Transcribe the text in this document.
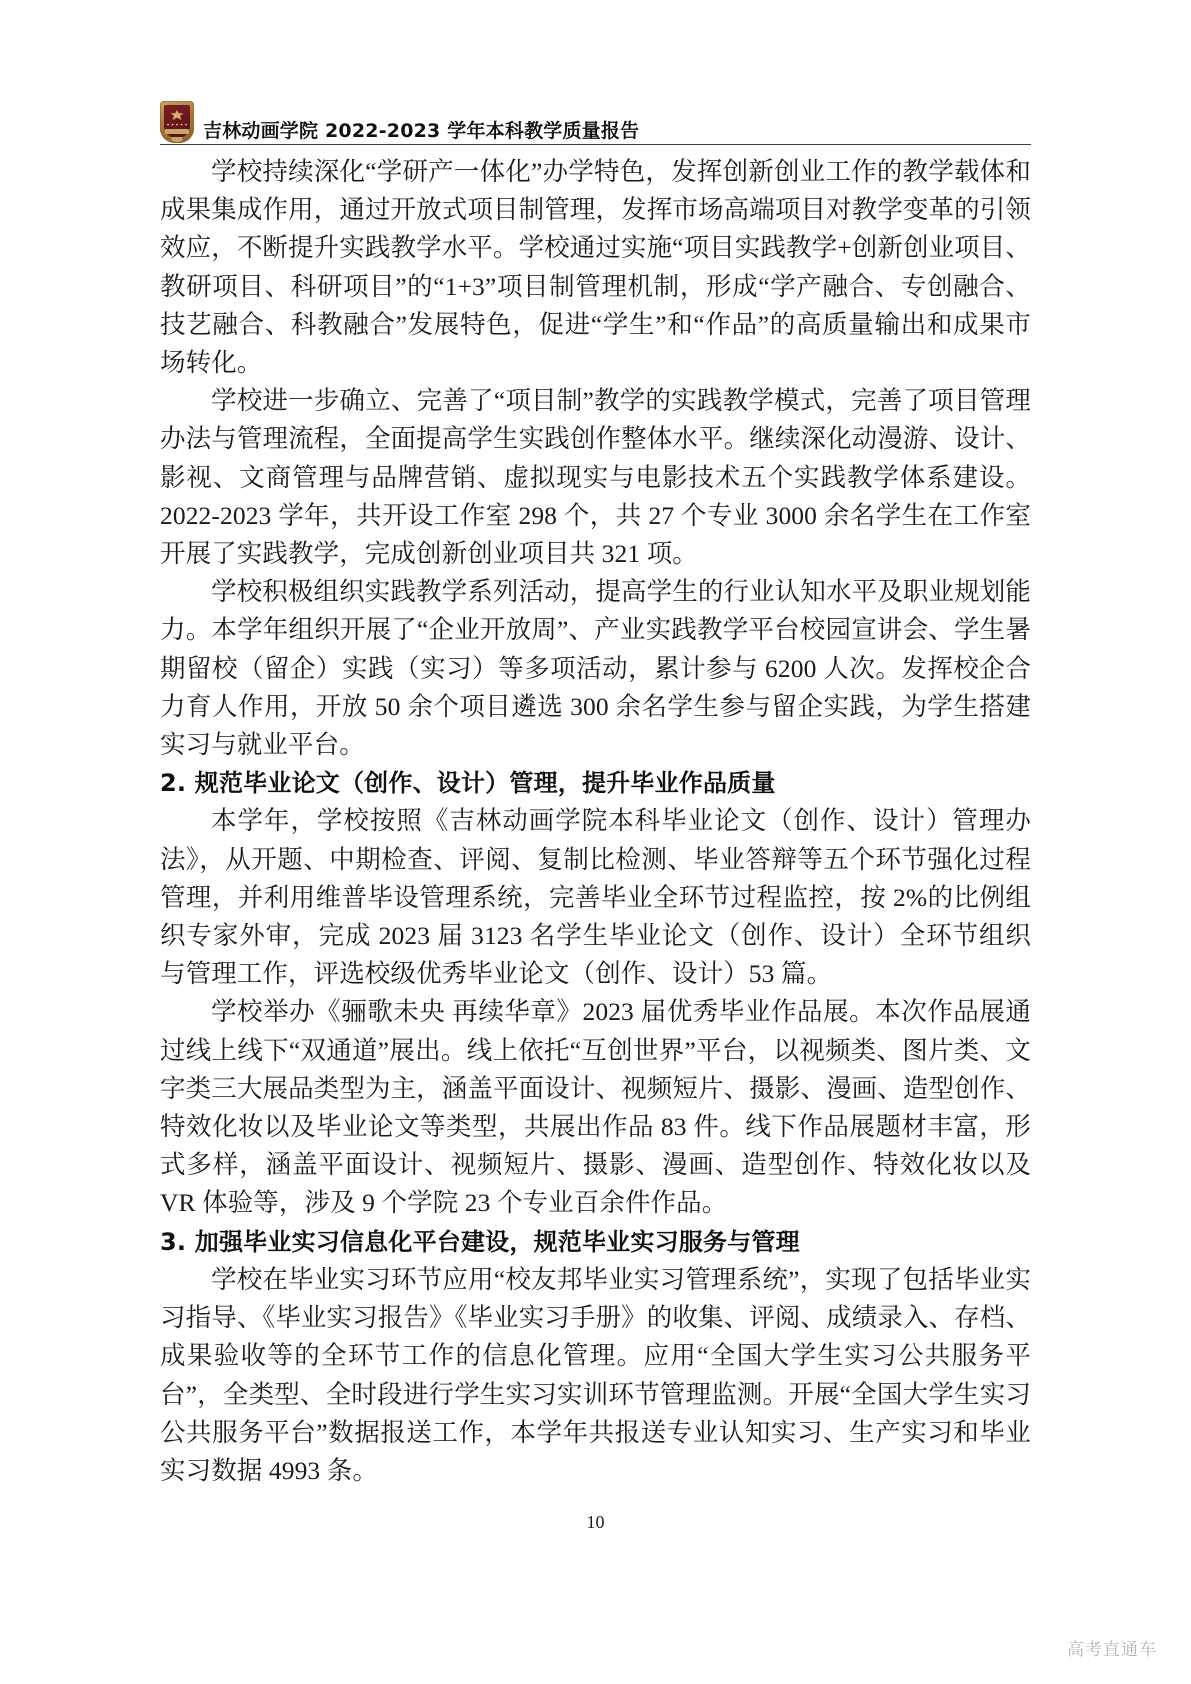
吉林动画学院 2022-2023 学年本科教学质量报告

学校持续深化“学研产一体化”办学特色，发挥创新创业工作的教学载体和成果集成作用，通过开放式项目制管理，发挥市场高端项目对教学变革的引领效应，不断提升实践教学水平。学校通过实施“项目实践教学+创新创业项目、教研项目、科研项目”的“1+3”项目制管理机制，形成“学产融合、专创融合、技艺融合、科教融合”发展特色，促进“学生”和“作品”的高质量输出和成果市场转化。

学校进一步确立、完善了“项目制”教学的实践教学模式，完善了项目管理办法与管理流程，全面提高学生实践创作整体水平。继续深化动漫游、设计、影视、文商管理与品牌营销、虚拟现实与电影技术五个实践教学体系建设。2022-2023 学年，共开设工作室 298 个，共 27 个专业 3000 余名学生在工作室开展了实践教学，完成创新创业项目共 321 项。

学校积极组织实践教学系列活动，提高学生的行业认知水平及职业规划能力。本学年组织开展了“企业开放周”、产业实践教学平台校园宣讲会、学生暑期留校（留企）实践（实习）等多项活动，累计参与 6200 人次。发挥校企合力育人作用，开放 50 余个项目遴选 300 余名学生参与留企实践，为学生搭建实习与就业平台。

2. 规范毕业论文（创作、设计）管理，提升毕业作品质量

本学年，学校按照《吉林动画学院本科毕业论文（创作、设计）管理办法》，从开题、中期检查、评阅、复制比检测、毕业答辩等五个环节强化过程管理，并利用维普毕设管理系统，完善毕业全环节过程监控，按 2%的比例组织专家外审，完成 2023 届 3123 名学生毕业论文（创作、设计）全环节组织与管理工作，评选校级优秀毕业论文（创作、设计）53 篇。

学校举办《骊歌未央 再续华章》2023 届优秀毕业作品展。本次作品展通过线上线下“双通道”展出。线上依托“互创世界”平台，以视频类、图片类、文字类三大展品类型为主，涵盖平面设计、视频短片、摄影、漫画、造型创作、特效化妆以及毕业论文等类型，共展出作品 83 件。线下作品展题材丰富，形式多样，涵盖平面设计、视频短片、摄影、漫画、造型创作、特效化妆以及 VR 体验等，涉及 9 个学院 23 个专业百余件作品。

3. 加强毕业实习信息化平台建设，规范毕业实习服务与管理

学校在毕业实习环节应用“校友邦毕业实习管理系统”，实现了包括毕业实习指导、《毕业实习报告》《毕业实习手册》的收集、评阅、成绩录入、存档、成果验收等的全环节工作的信息化管理。应用“全国大学生实习公共服务平台”，全类型、全时段进行学生实习实训环节管理监测。开展“全国大学生实习公共服务平台”数据报送工作，本学年共报送专业认知实习、生产实习和毕业实习数据 4993 条。

10
高考直通车
